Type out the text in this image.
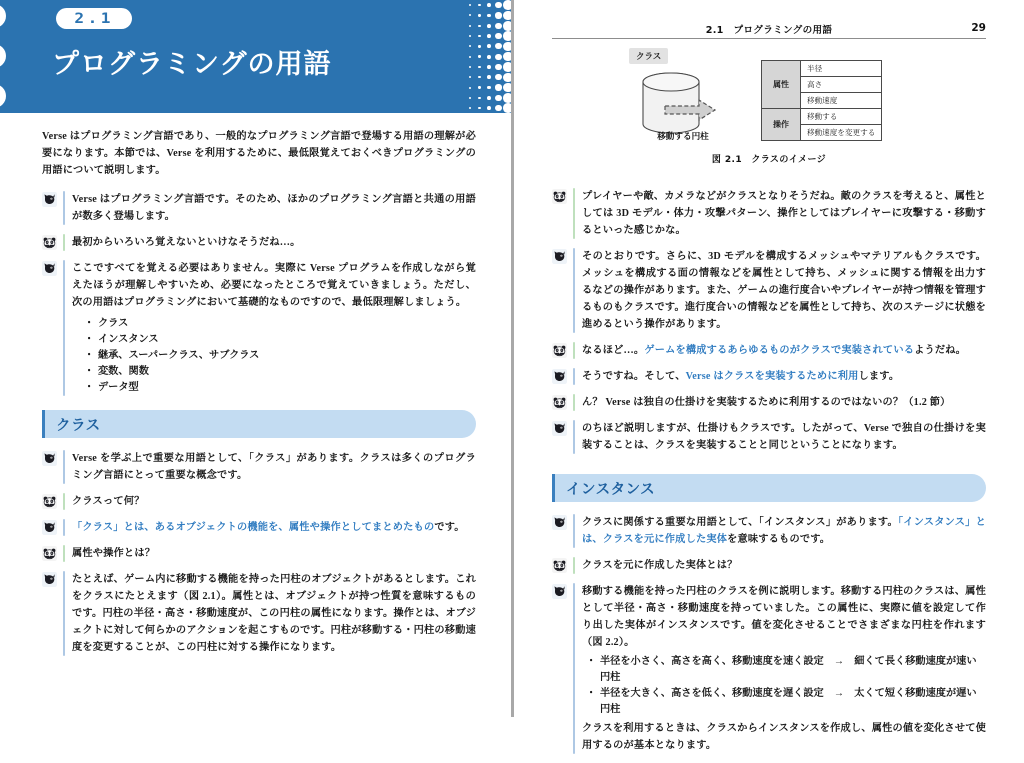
2.1
プログラミングの用語
Verse はプログラミング言語であり、一般的なプログラミング言語で登場する用語の理解が必要になります。本節では、Verse を利用するために、最低限覚えておくべきプログラミングの用語について説明します。
Verse はプログラミング言語です。そのため、ほかのプログラミング言語と共通の用語が数多く登場します。
最初からいろいろ覚えないといけなそうだね…。
ここですべてを覚える必要はありません。実際に Verse プログラムを作成しながら覚えたほうが理解しやすいため、必要になったところで覚えていきましょう。ただし、次の用語はプログラミングにおいて基礎的なものですので、最低限理解しましょう。
・ クラス
・ インスタンス
・ 継承、スーパークラス、サブクラス
・ 変数、関数
・ データ型
クラス
Verse を学ぶ上で重要な用語として、「クラス」があります。クラスは多くのプログラミング言語にとって重要な概念です。
クラスって何？
「クラス」とは、あるオブジェクトの機能を、属性や操作としてまとめたものです。
属性や操作とは？
たとえば、ゲーム内に移動する機能を持った円柱のオブジェクトがあるとします。これをクラスにたとえます（図 2.1）。属性とは、オブジェクトが持つ性質を意味するものです。円柱の半径・高さ・移動速度が、この円柱の属性になります。操作とは、オブジェクトに対して何らかのアクションを起こすものです。円柱が移動する・円柱の移動速度を変更することが、この円柱に対する操作になります。
2.1　プログラミングの用語	29
クラス
移動する円柱
属性	半径
	高さ
	移動速度
操作	移動する
	移動速度を変更する
図 2.1　クラスのイメージ
プレイヤーや敵、カメラなどがクラスとなりそうだね。敵のクラスを考えると、属性としては 3D モデル・体力・攻撃パターン、操作としてはプレイヤーに攻撃する・移動するといった感じかな。
そのとおりです。さらに、3D モデルを構成するメッシュやマテリアルもクラスです。メッシュを構成する面の情報などを属性として持ち、メッシュに関する情報を出力するなどの操作があります。また、ゲームの進行度合いやプレイヤーが持つ情報を管理するものもクラスです。進行度合いの情報などを属性として持ち、次のステージに状態を進めるという操作があります。
なるほど…。ゲームを構成するあらゆるものがクラスで実装されているようだね。
そうですね。そして、Verse はクラスを実装するために利用します。
ん？ Verse は独自の仕掛けを実装するために利用するのではないの？（1.2 節）
のちほど説明しますが、仕掛けもクラスです。したがって、Verse で独自の仕掛けを実装することは、クラスを実装することと同じということになります。
インスタンス
クラスに関係する重要な用語として、「インスタンス」があります。「インスタンス」とは、クラスを元に作成した実体を意味するものです。
クラスを元に作成した実体とは？
移動する機能を持った円柱のクラスを例に説明します。移動する円柱のクラスは、属性として半径・高さ・移動速度を持っていました。この属性に、実際に値を設定して作り出した実体がインスタンスです。値を変化させることでさまざまな円柱を作れます（図 2.2）。
・ 半径を小さく、高さを高く、移動速度を速く設定　→　細くて長く移動速度が速い円柱
・ 半径を大きく、高さを低く、移動速度を遅く設定　→　太くて短く移動速度が遅い円柱
クラスを利用するときは、クラスからインスタンスを作成し、属性の値を変化させて使用するのが基本となります。
